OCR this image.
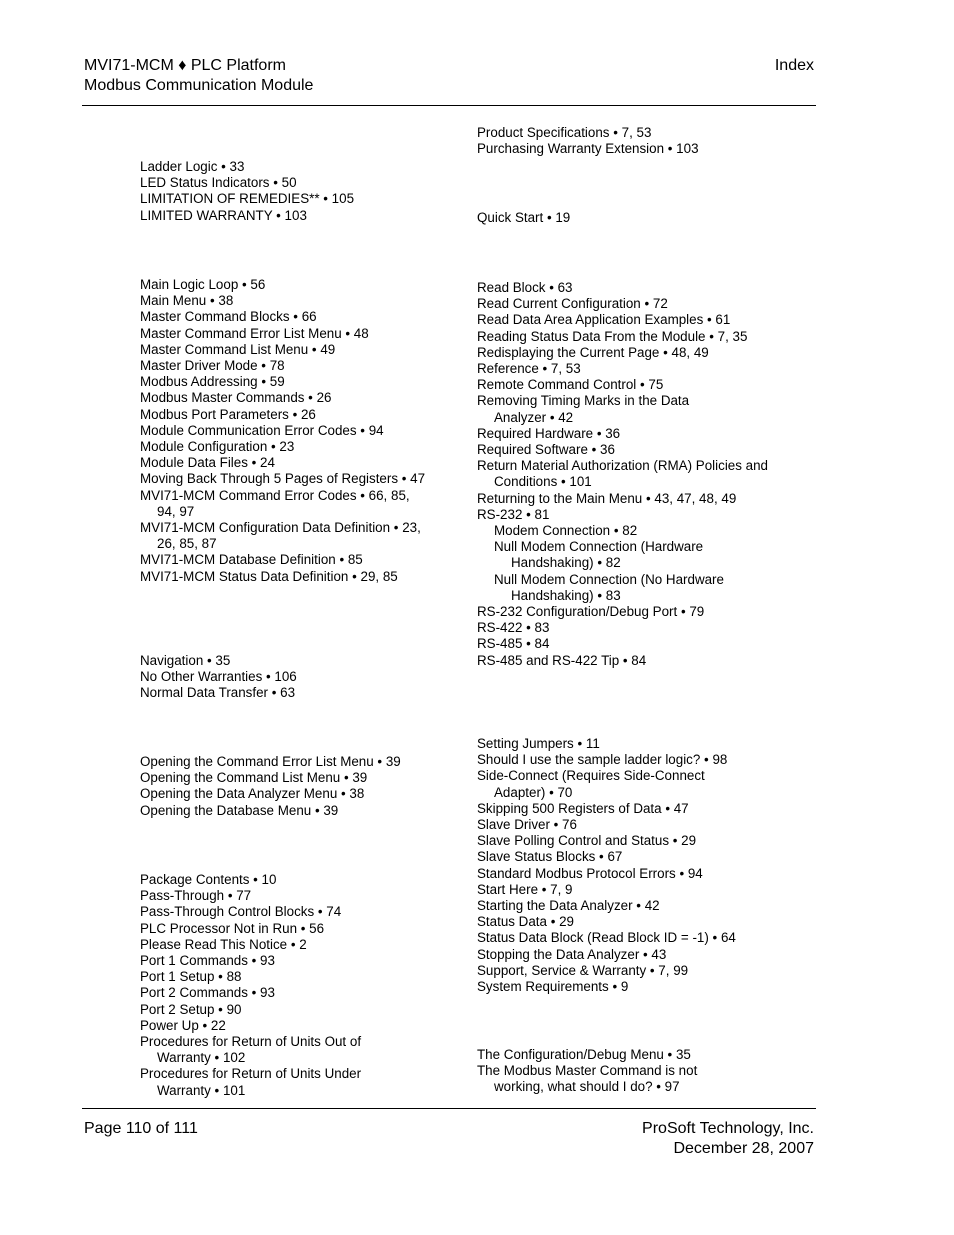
MVI71-MCM ♦ PLC Platform
Modbus Communication Module
Index
Ladder Logic • 33
LED Status Indicators • 50
LIMITATION OF REMEDIES** • 105
LIMITED WARRANTY • 103
Main Logic Loop • 56
Main Menu • 38
Master Command Blocks • 66
Master Command Error List Menu • 48
Master Command List Menu • 49
Master Driver Mode • 78
Modbus Addressing • 59
Modbus Master Commands • 26
Modbus Port Parameters • 26
Module Communication Error Codes • 94
Module Configuration • 23
Module Data Files • 24
Moving Back Through 5 Pages of Registers • 47
MVI71-MCM Command Error Codes • 66, 85, 94, 97
MVI71-MCM Configuration Data Definition • 23, 26, 85, 87
MVI71-MCM Database Definition • 85
MVI71-MCM Status Data Definition • 29, 85
Navigation • 35
No Other Warranties • 106
Normal Data Transfer • 63
Opening the Command Error List Menu • 39
Opening the Command List Menu • 39
Opening the Data Analyzer Menu • 38
Opening the Database Menu • 39
Package Contents • 10
Pass-Through • 77
Pass-Through Control Blocks • 74
PLC Processor Not in Run • 56
Please Read This Notice • 2
Port 1 Commands • 93
Port 1 Setup • 88
Port 2 Commands • 93
Port 2 Setup • 90
Power Up • 22
Procedures for Return of Units Out of Warranty • 102
Procedures for Return of Units Under Warranty • 101
Product Specifications • 7, 53
Purchasing Warranty Extension • 103
Quick Start • 19
Read Block • 63
Read Current Configuration • 72
Read Data Area Application Examples • 61
Reading Status Data From the Module • 7, 35
Redisplaying the Current Page • 48, 49
Reference • 7, 53
Remote Command Control • 75
Removing Timing Marks in the Data Analyzer • 42
Required Hardware • 36
Required Software • 36
Return Material Authorization (RMA) Policies and Conditions • 101
Returning to the Main Menu • 43, 47, 48, 49
RS-232 • 81
Modem Connection • 82
Null Modem Connection (Hardware Handshaking) • 82
Null Modem Connection (No Hardware Handshaking) • 83
RS-232 Configuration/Debug Port • 79
RS-422 • 83
RS-485 • 84
RS-485 and RS-422 Tip • 84
Setting Jumpers • 11
Should I use the sample ladder logic? • 98
Side-Connect (Requires Side-Connect Adapter) • 70
Skipping 500 Registers of Data • 47
Slave Driver • 76
Slave Polling Control and Status • 29
Slave Status Blocks • 67
Standard Modbus Protocol Errors • 94
Start Here • 7, 9
Starting the Data Analyzer • 42
Status Data • 29
Status Data Block (Read Block ID = -1) • 64
Stopping the Data Analyzer • 43
Support, Service & Warranty • 7, 99
System Requirements • 9
The Configuration/Debug Menu • 35
The Modbus Master Command is not working, what should I do? • 97
Page 110 of 111	ProSoft Technology, Inc.
December 28, 2007
